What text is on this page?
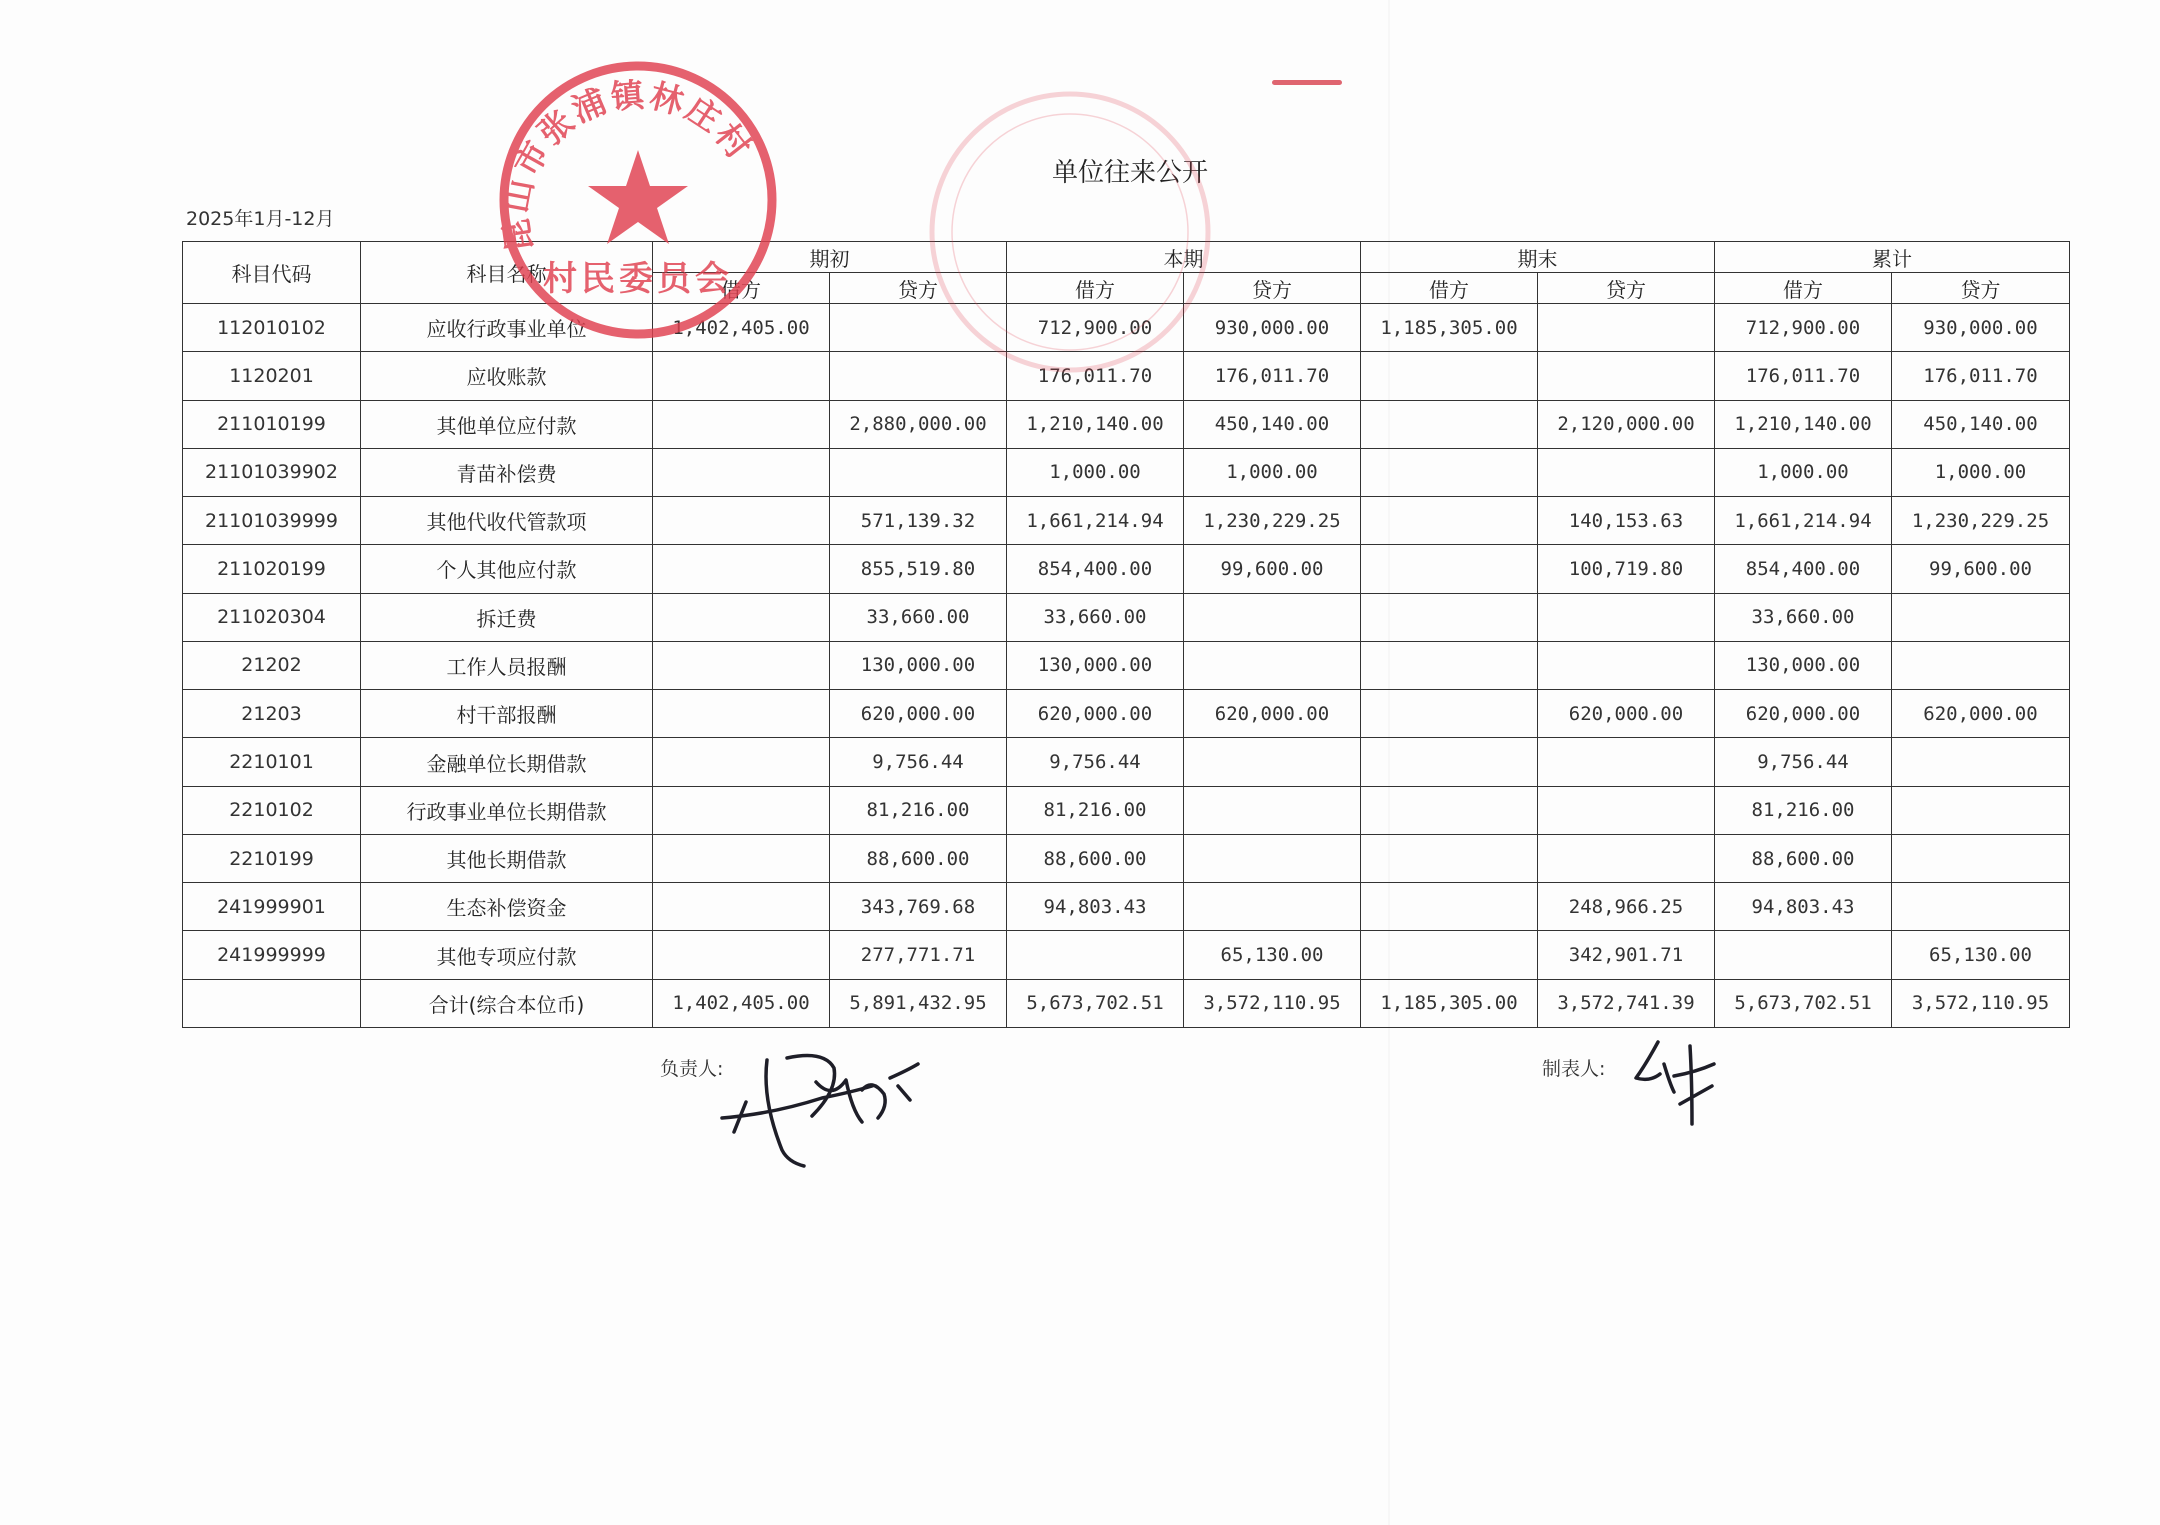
单位往来公开
2025年1月-12月
科目代码	科目名称	期初		本期		期末		累计	
		借方	贷方	借方	贷方	借方	贷方	借方	贷方
112010102	应收行政事业单位	1,402,405.00		712,900.00	930,000.00	1,185,305.00		712,900.00	930,000.00
1120201	应收账款			176,011.70	176,011.70			176,011.70	176,011.70
211010199	其他单位应付款		2,880,000.00	1,210,140.00	450,140.00		2,120,000.00	1,210,140.00	450,140.00
21101039902	青苗补偿费			1,000.00	1,000.00			1,000.00	1,000.00
21101039999	其他代收代管款项		571,139.32	1,661,214.94	1,230,229.25		140,153.63	1,661,214.94	1,230,229.25
211020199	个人其他应付款		855,519.80	854,400.00	99,600.00		100,719.80	854,400.00	99,600.00
211020304	拆迁费		33,660.00	33,660.00				33,660.00	
21202	工作人员报酬		130,000.00	130,000.00				130,000.00	
21203	村干部报酬		620,000.00	620,000.00	620,000.00		620,000.00	620,000.00	620,000.00
2210101	金融单位长期借款		9,756.44	9,756.44				9,756.44	
2210102	行政事业单位长期借款		81,216.00	81,216.00				81,216.00	
2210199	其他长期借款		88,600.00	88,600.00				88,600.00	
241999901	生态补偿资金		343,769.68	94,803.43			248,966.25	94,803.43	
241999999	其他专项应付款		277,771.71		65,130.00		342,901.71		65,130.00
	合计(综合本位币)	1,402,405.00	5,891,432.95	5,673,702.51	3,572,110.95	1,185,305.00	3,572,741.39	5,673,702.51	3,572,110.95
负责人:	制表人:
昆山市张浦镇林庄村
村民委员会
